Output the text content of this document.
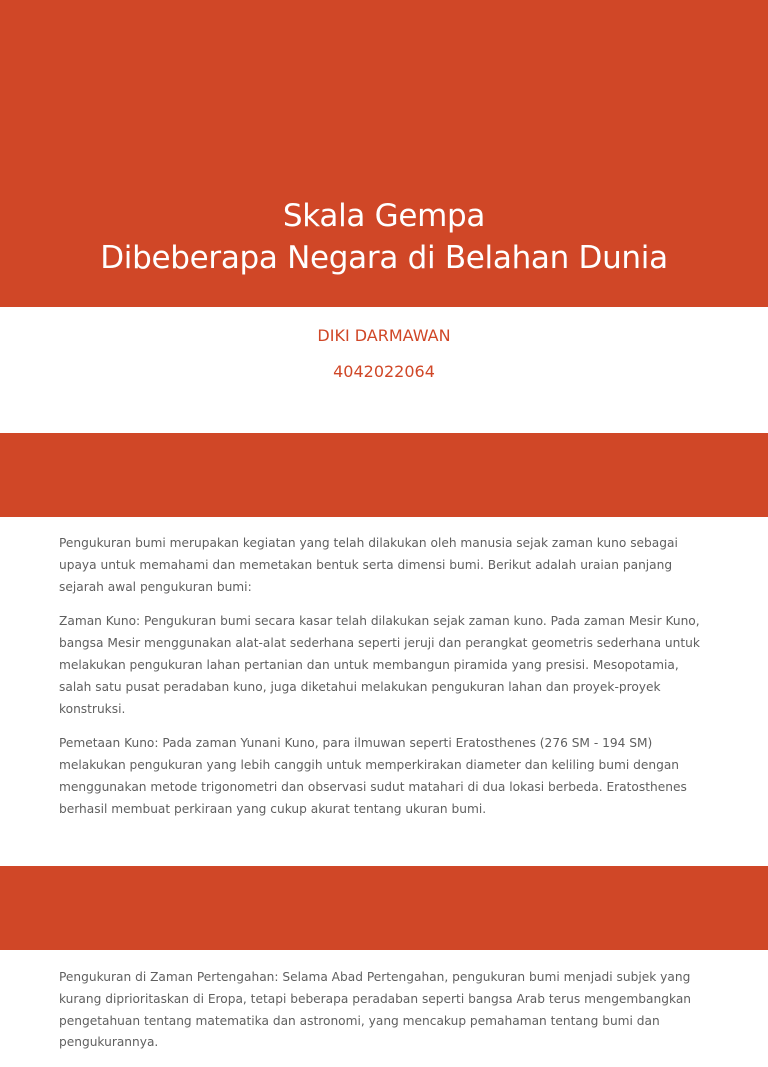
Skala Gempa
Dibeberapa Negara di Belahan Dunia
DIKI DARMAWAN
4042022064

Pengukuran bumi merupakan kegiatan yang telah dilakukan oleh manusia sejak zaman kuno sebagai upaya untuk memahami dan memetakan bentuk serta dimensi bumi. Berikut adalah uraian panjang sejarah awal pengukuran bumi:

Zaman Kuno: Pengukuran bumi secara kasar telah dilakukan sejak zaman kuno. Pada zaman Mesir Kuno, bangsa Mesir menggunakan alat-alat sederhana seperti jeruji dan perangkat geometris sederhana untuk melakukan pengukuran lahan pertanian dan untuk membangun piramida yang presisi. Mesopotamia, salah satu pusat peradaban kuno, juga diketahui melakukan pengukuran lahan dan proyek-proyek konstruksi.

Pemetaan Kuno: Pada zaman Yunani Kuno, para ilmuwan seperti Eratosthenes (276 SM - 194 SM) melakukan pengukuran yang lebih canggih untuk memperkirakan diameter dan keliling bumi dengan menggunakan metode trigonometri dan observasi sudut matahari di dua lokasi berbeda. Eratosthenes berhasil membuat perkiraan yang cukup akurat tentang ukuran bumi.

Pengukuran di Zaman Pertengahan: Selama Abad Pertengahan, pengukuran bumi menjadi subjek yang kurang diprioritaskan di Eropa, tetapi beberapa peradaban seperti bangsa Arab terus mengembangkan pengetahuan tentang matematika dan astronomi, yang mencakup pemahaman tentang bumi dan pengukurannya.
